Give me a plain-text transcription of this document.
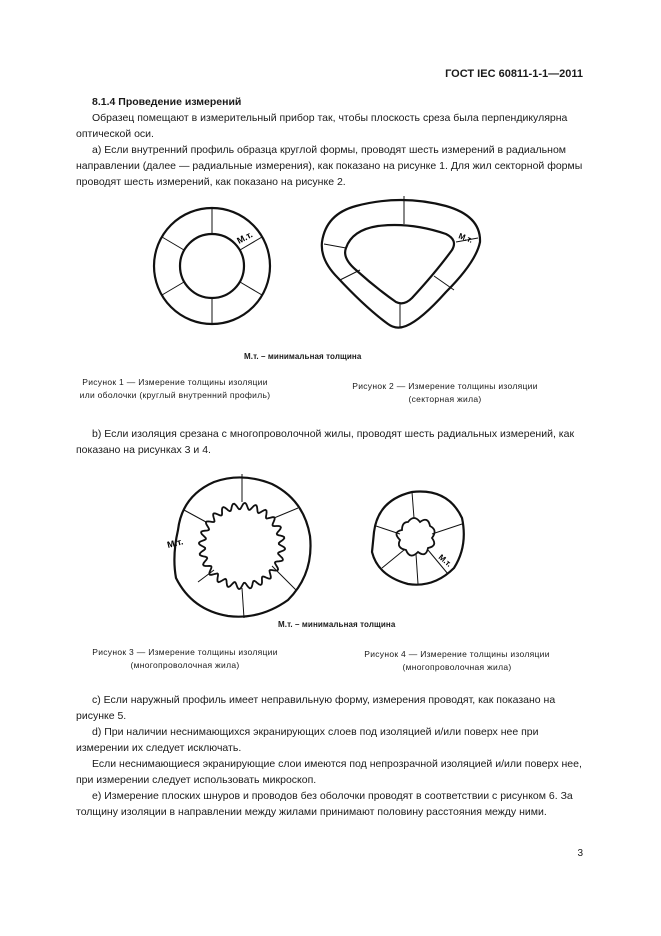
ГОСТ IEC 60811-1-1—2011

8.1.4 Проведение измерений

Образец помещают в измерительный прибор так, чтобы плоскость среза была перпендикулярна оптической оси.

а) Если внутренний профиль образца круглой формы, проводят шесть измерений в радиальном направлении (далее — радиальные измерения), как показано на рисунке 1. Для жил секторной формы проводят шесть измерений, как показано на рисунке 2.

М.т.	М.т.
М.т. – минимальная толщина
Рисунок 1 — Измерение толщины изоляции
или оболочки (круглый внутренний профиль)
Рисунок 2 — Измерение толщины изоляции
(секторная жила)

b) Если изоляция срезана с многопроволочной жилы, проводят шесть радиальных измерений, как показано на рисунках 3 и 4.

М.т.
М.т.
М.т. – минимальная толщина
Рисунок 3 — Измерение толщины изоляции
(многопроволочная жила)
Рисунок 4 — Измерение толщины изоляции
(многопроволочная жила)

с) Если наружный профиль имеет неправильную форму, измерения проводят, как показано на рисунке 5.

d) При наличии неснимающихся экранирующих слоев под изоляцией и/или поверх нее при измерении их следует исключать.

Если неснимающиеся экранирующие слои имеются под непрозрачной изоляцией и/или поверх нее, при измерении следует использовать микроскоп.

е) Измерение плоских шнуров и проводов без оболочки проводят в соответствии с рисунком 6. За толщину изоляции в направлении между жилами принимают половину расстояния между ними.

3
